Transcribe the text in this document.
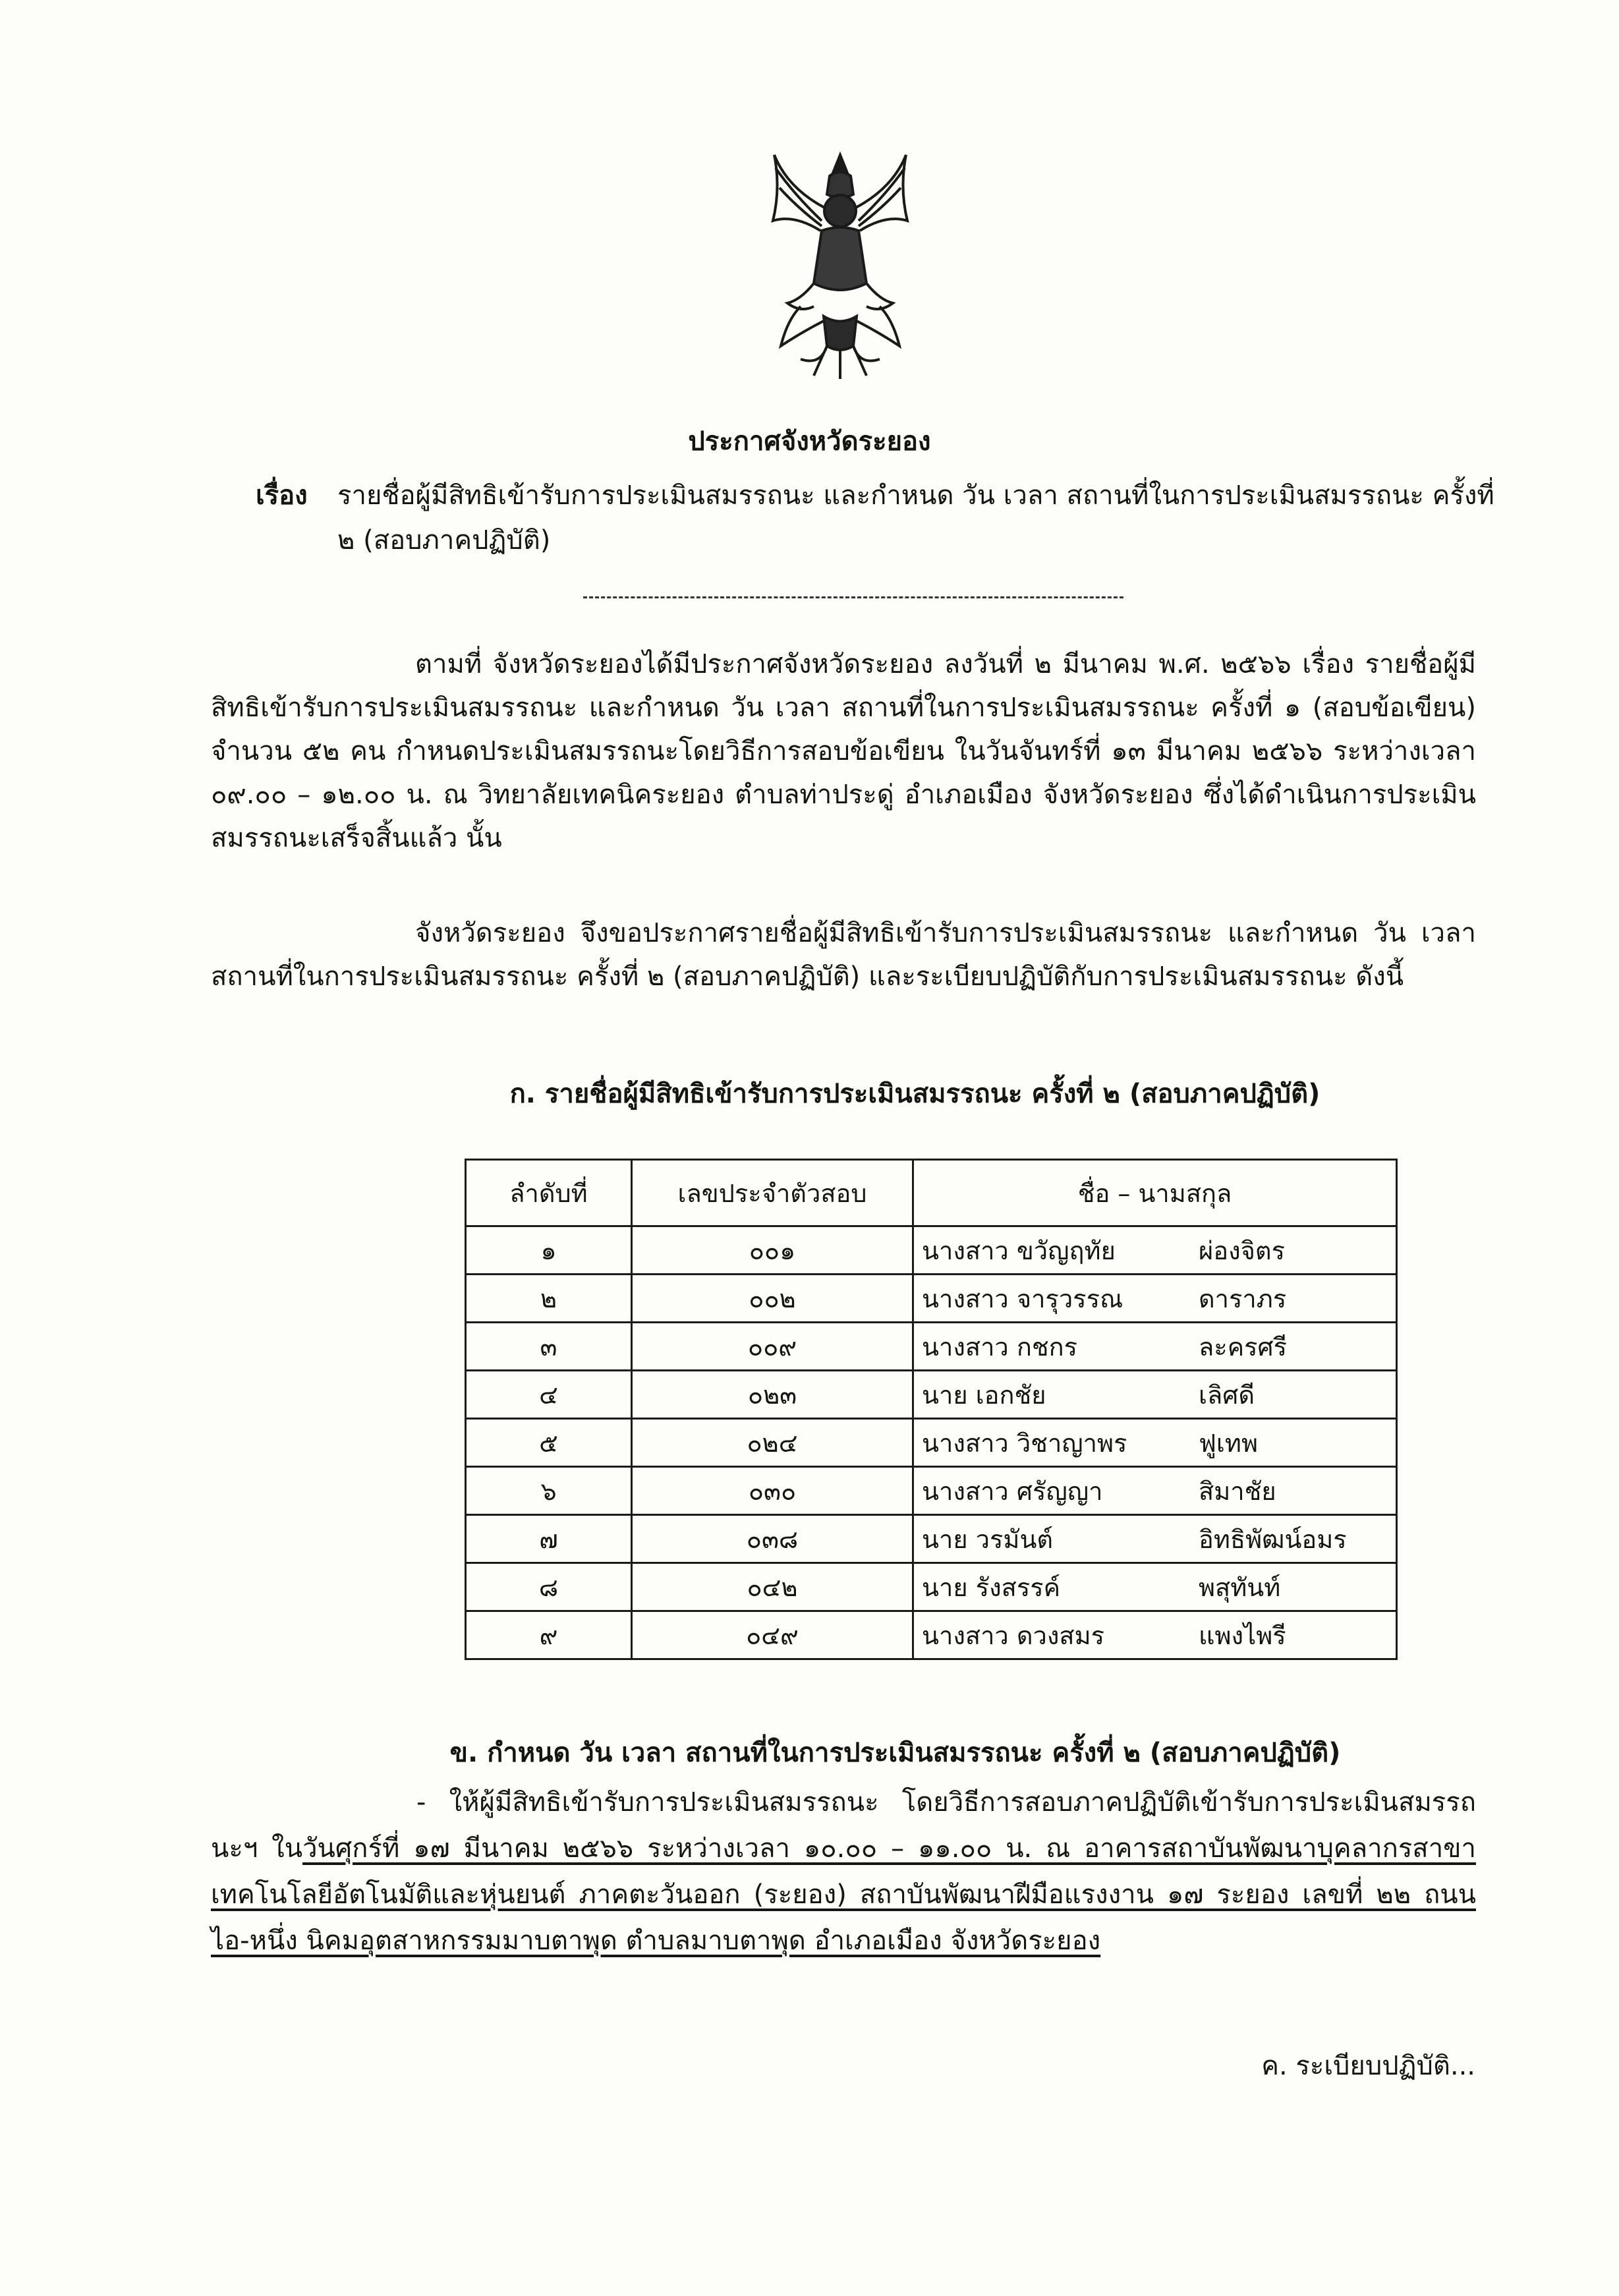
ประกาศจังหวัดระยอง
เรื่อง รายชื่อผู้มีสิทธิเข้ารับการประเมินสมรรถนะ และกำหนด วัน เวลา สถานที่ในการประเมินสมรรถนะ ครั้งที่ ๒ (สอบภาคปฏิบัติ)
ตามที่ จังหวัดระยองได้มีประกาศจังหวัดระยอง ลงวันที่ ๒ มีนาคม พ.ศ. ๒๕๖๖ เรื่อง รายชื่อผู้มีสิทธิเข้ารับการประเมินสมรรถนะ และกำหนด วัน เวลา สถานที่ในการประเมินสมรรถนะ ครั้งที่ ๑ (สอบข้อเขียน) จำนวน ๕๒ คน กำหนดประเมินสมรรถนะโดยวิธีการสอบข้อเขียน ในวันจันทร์ที่ ๑๓ มีนาคม ๒๕๖๖ ระหว่างเวลา ๐๙.๐๐ – ๑๒.๐๐ น. ณ วิทยาลัยเทคนิคระยอง ตำบลท่าประดู่ อำเภอเมือง จังหวัดระยอง ซึ่งได้ดำเนินการประเมินสมรรถนะเสร็จสิ้นแล้ว นั้น
จังหวัดระยอง จึงขอประกาศรายชื่อผู้มีสิทธิเข้ารับการประเมินสมรรถนะ และกำหนด วัน เวลา สถานที่ในการประเมินสมรรถนะ ครั้งที่ ๒ (สอบภาคปฏิบัติ) และระเบียบปฏิบัติกับการประเมินสมรรถนะ ดังนี้
ก. รายชื่อผู้มีสิทธิเข้ารับการประเมินสมรรถนะ ครั้งที่ ๒ (สอบภาคปฏิบัติ)
ลำดับที่	เลขประจำตัวสอบ	ชื่อ – นามสกุล
๑	๐๐๑	นางสาว ขวัญฤทัย ผ่องจิตร

๒	๐๐๒	นางสาว จารุวรรณ ดาราภร

๓	๐๐๙	นางสาว กชกร ละครศรี

๔	๐๒๓	นาย เอกชัย เลิศดี

๕	๐๒๔	นางสาว วิชาญาพร ฟูเทพ

๖	๐๓๐	นางสาว ศรัญญา สิมาชัย

๗	๐๓๘	นาย วรมันต์ อิทธิพัฒน์อมร

๘	๐๔๒	นาย รังสรรค์ พสุทันท์

๙	๐๔๙	นางสาว ดวงสมร แพงไพรี
ข. กำหนด วัน เวลา สถานที่ในการประเมินสมรรถนะ ครั้งที่ ๒ (สอบภาคปฏิบัติ)
- ให้ผู้มีสิทธิเข้ารับการประเมินสมรรถนะ โดยวิธีการสอบภาคปฏิบัติเข้ารับการประเมินสมรรถนะฯ ในวันศุกร์ที่ ๑๗ มีนาคม ๒๕๖๖ ระหว่างเวลา ๑๐.๐๐ – ๑๑.๐๐ น. ณ อาคารสถาบันพัฒนาบุคลากรสาขาเทคโนโลยีอัตโนมัติและหุ่นยนต์ ภาคตะวันออก (ระยอง) สถาบันพัฒนาฝีมือแรงงาน ๑๗ ระยอง เลขที่ ๒๒ ถนนไอ-หนึ่ง นิคมอุตสาหกรรมมาบตาพุด ตำบลมาบตาพุด อำเภอเมือง จังหวัดระยอง
ค. ระเบียบปฏิบัติ...
